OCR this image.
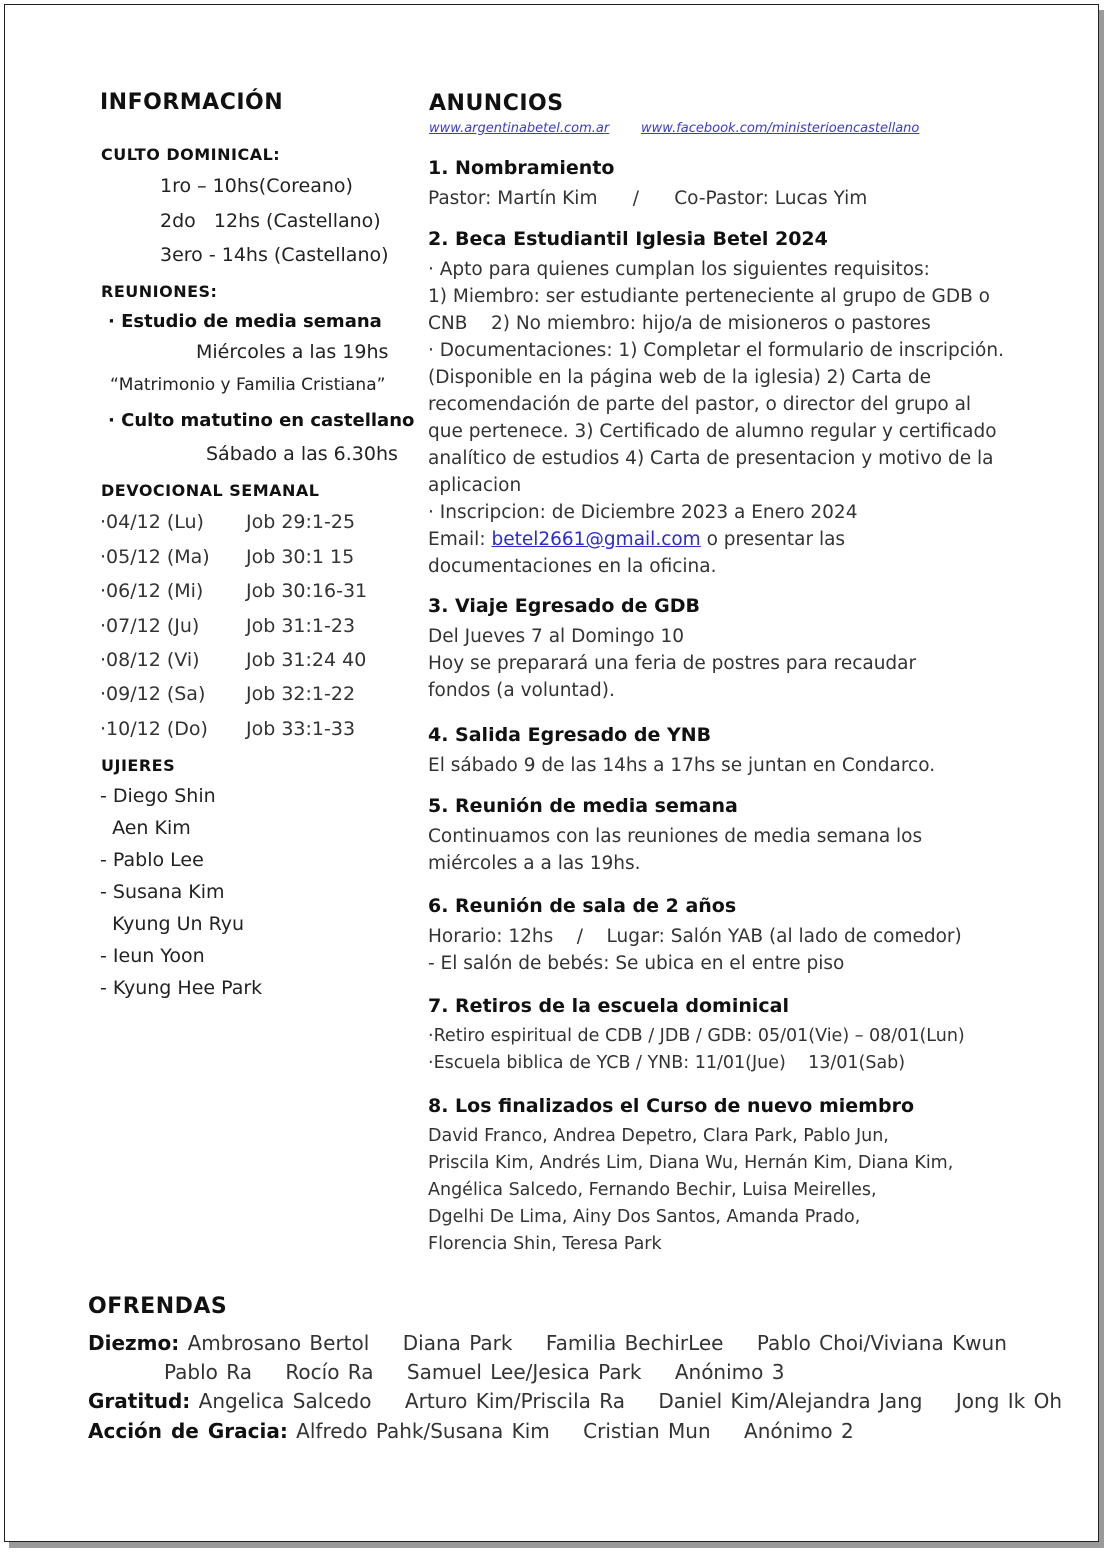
INFORMACIÓN
CULTO DOMINICAL:
1ro – 10hs(Coreano)
2do   12hs (Castellano)
3ero - 14hs (Castellano)
REUNIONES:
· Estudio de media semana
Miércoles a las 19hs
“Matrimonio y Familia Cristiana”
· Culto matutino en castellano
Sábado a las 6.30hs
DEVOCIONAL SEMANAL
·04/12 (Lu) Job 29:1-25
·05/12 (Ma) Job 30:1 15
·06/12 (Mi) Job 30:16-31
·07/12 (Ju) Job 31:1-23
·08/12 (Vi) Job 31:24 40
·09/12 (Sa) Job 32:1-22
·10/12 (Do) Job 33:1-33
UJIERES
- Diego Shin
Aen Kim
- Pablo Lee
- Susana Kim
Kyung Un Ryu
- Ieun Yoon
- Kyung Hee Park
ANUNCIOS
www.argentinabetel.com.ar www.facebook.com/ministerioencastellano
1. Nombramiento
Pastor: Martín Kim      /      Co-Pastor: Lucas Yim
2. Beca Estudiantil Iglesia Betel 2024
· Apto para quienes cumplan los siguientes requisitos:
1) Miembro: ser estudiante perteneciente al grupo de GDB o
CNB    2) No miembro: hijo/a de misioneros o pastores
· Documentaciones: 1) Completar el formulario de inscripción.
(Disponible en la página web de la iglesia) 2) Carta de
recomendación de parte del pastor, o director del grupo al
que pertenece. 3) Certificado de alumno regular y certificado
analítico de estudios 4) Carta de presentacion y motivo de la
aplicacion
· Inscripcion: de Diciembre 2023 a Enero 2024
Email: betel2661@gmail.com o presentar las
documentaciones en la oficina.
3. Viaje Egresado de GDB
Del Jueves 7 al Domingo 10
Hoy se preparará una feria de postres para recaudar
fondos (a voluntad).
4. Salida Egresado de YNB
El sábado 9 de las 14hs a 17hs se juntan en Condarco.
5. Reunión de media semana
Continuamos con las reuniones de media semana los
miércoles a a las 19hs.
6. Reunión de sala de 2 años
Horario: 12hs    /    Lugar: Salón YAB (al lado de comedor)
- El salón de bebés: Se ubica en el entre piso
7. Retiros de la escuela dominical
·Retiro espiritual de CDB / JDB / GDB: 05/01(Vie) – 08/01(Lun)
·Escuela biblica de YCB / YNB: 11/01(Jue)    13/01(Sab)
8. Los finalizados el Curso de nuevo miembro
David Franco, Andrea Depetro, Clara Park, Pablo Jun,
Priscila Kim, Andrés Lim, Diana Wu, Hernán Kim, Diana Kim,
Angélica Salcedo, Fernando Bechir, Luisa Meirelles,
Dgelhi De Lima, Ainy Dos Santos, Amanda Prado,
Florencia Shin, Teresa Park
OFRENDAS
Diezmo: Ambrosano Bertol    Diana Park    Familia BechirLee    Pablo Choi/Viviana Kwun
Pablo Ra    Rocío Ra    Samuel Lee/Jesica Park    Anónimo 3
Gratitud: Angelica Salcedo    Arturo Kim/Priscila Ra    Daniel Kim/Alejandra Jang    Jong Ik Oh
Acción de Gracia: Alfredo Pahk/Susana Kim    Cristian Mun    Anónimo 2
